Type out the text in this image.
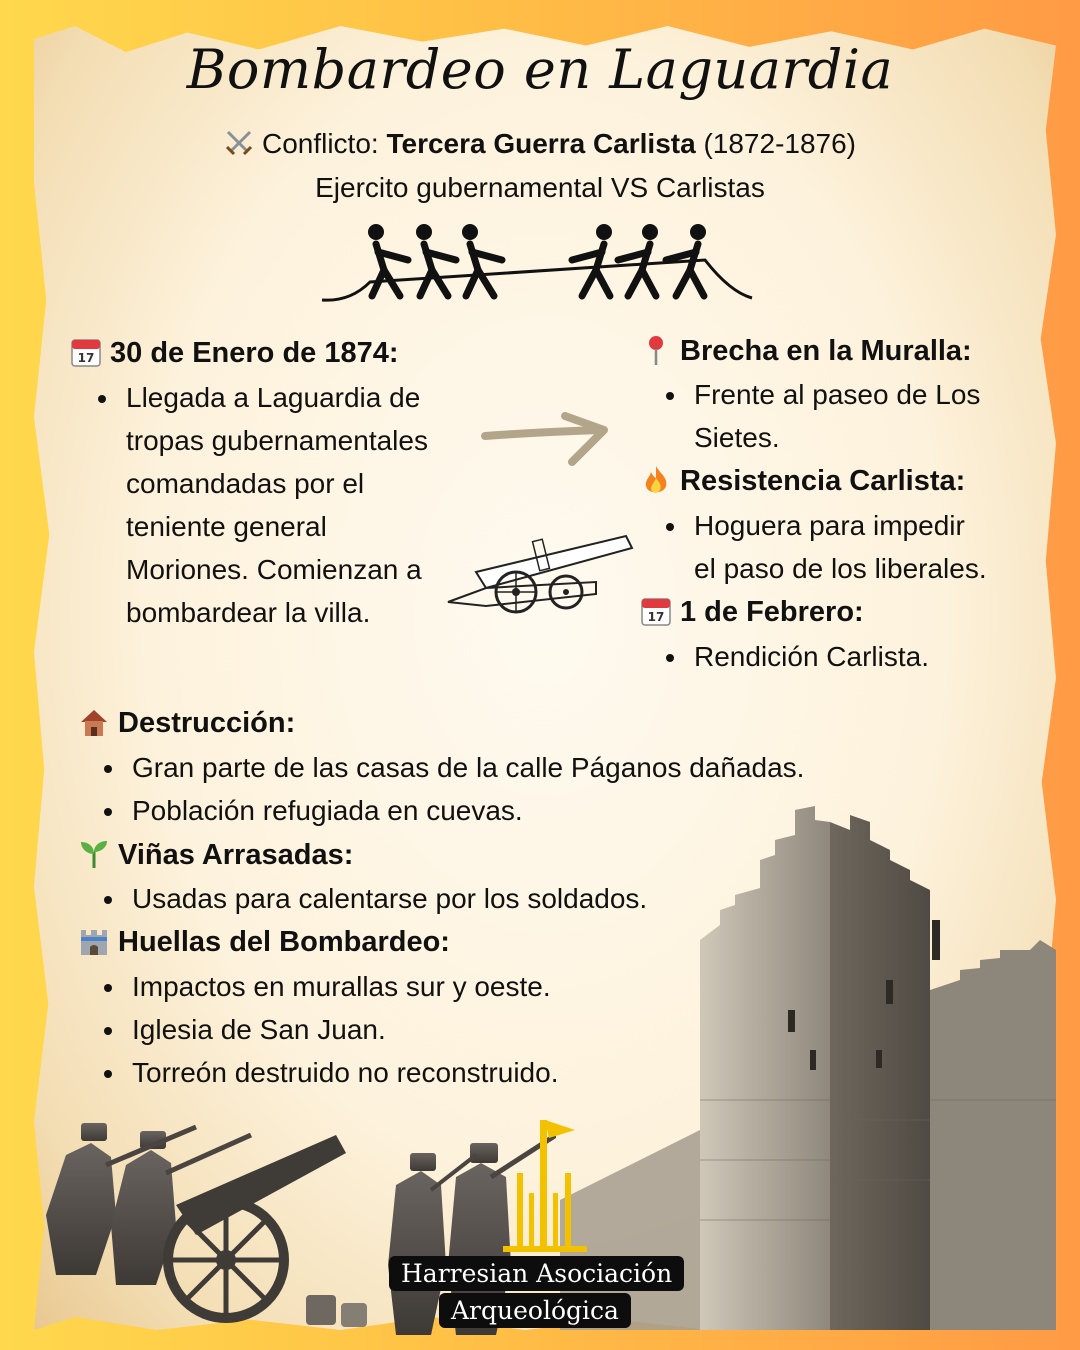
Bombardeo en Laguardia
Conflicto: Tercera Guerra Carlista (1872-1876)
Ejercito gubernamental VS Carlistas
17 30 de Enero de 1874:
Llegada a Laguardia de
tropas gubernamentales
comandadas por el
teniente general
Moriones. Comienzan a
bombardear la villa.
Brecha en la Muralla:
Frente al paseo de Los
Sietes.
Resistencia Carlista:
Hoguera para impedir
el paso de los liberales.
17 1 de Febrero:
Rendición Carlista.
Destrucción:
Gran parte de las casas de la calle Páganos dañadas.
Población refugiada en cuevas.
Viñas Arrasadas:
Usadas para calentarse por los soldados.
Huellas del Bombardeo:
Impactos en murallas sur y oeste.
Iglesia de San Juan.
Torreón destruido no reconstruido.
Harresian Asociación
Arqueológica
